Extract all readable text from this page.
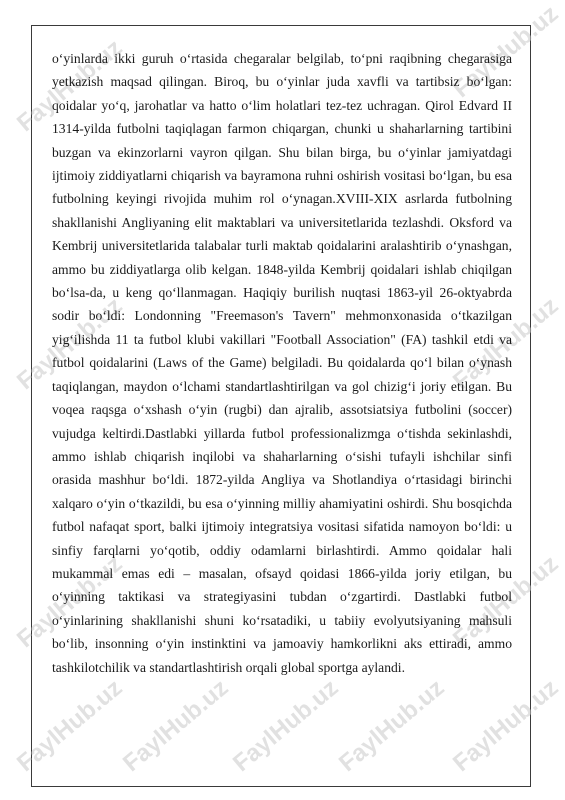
FaylHub.uz	FaylHub.uz
FaylHub.uz
FaylHub.uz
FaylHub.uz
FaylHub.uz
FaylHub.uz
FaylHub.uz
FaylHub.uz
FaylHub.uz
FaylHub.uz

o‘yinlarda ikki guruh o‘rtasida chegaralar belgilab, to‘pni raqibning chegarasiga yetkazish maqsad qilingan. Biroq, bu o‘yinlar juda xavfli va tartibsiz bo‘lgan: qoidalar yo‘q, jarohatlar va hatto o‘lim holatlari tez-tez uchragan. Qirol Edvard II 1314-yilda futbolni taqiqlagan farmon chiqargan, chunki u shaharlarning tartibini buzgan va ekinzorlarni vayron qilgan. Shu bilan birga, bu o‘yinlar jamiyatdagi ijtimoiy ziddiyatlarni chiqarish va bayramona ruhni oshirish vositasi bo‘lgan, bu esa futbolning keyingi rivojida muhim rol o‘ynagan.XVIII-XIX asrlarda futbolning shakllanishi Angliyaning elit maktablari va universitetlarida tezlashdi. Oksford va Kembrij universitetlarida talabalar turli maktab qoidalarini aralashtirib o‘ynashgan, ammo bu ziddiyatlarga olib kelgan. 1848-yilda Kembrij qoidalari ishlab chiqilgan bo‘lsa-da, u keng qo‘llanmagan. Haqiqiy burilish nuqtasi 1863-yil 26-oktyabrda sodir bo‘ldi: Londonning "Freemason's Tavern" mehmonxonasida o‘tkazilgan yig‘ilishda 11 ta futbol klubi vakillari "Football Association" (FA) tashkil etdi va futbol qoidalarini (Laws of the Game) belgiladi. Bu qoidalarda qo‘l bilan o‘ynash taqiqlangan, maydon o‘lchami standartlashtirilgan va gol chizig‘i joriy etilgan. Bu voqea raqsga o‘xshash o‘yin (rugbi) dan ajralib, assotsiatsiya futbolini (soccer) vujudga keltirdi.Dastlabki yillarda futbol professionalizmga o‘tishda sekinlashdi, ammo ishlab chiqarish inqilobi va shaharlarning o‘sishi tufayli ishchilar sinfi orasida mashhur bo‘ldi. 1872-yilda Angliya va Shotlandiya o‘rtasidagi birinchi xalqaro o‘yin o‘tkazildi, bu esa o‘yinning milliy ahamiyatini oshirdi. Shu bosqichda futbol nafaqat sport, balki ijtimoiy integratsiya vositasi sifatida namoyon bo‘ldi: u sinfiy farqlarni yo‘qotib, oddiy odamlarni birlashtirdi. Ammo qoidalar hali mukammal emas edi – masalan, ofsayd qoidasi 1866-yilda joriy etilgan, bu o‘yinning taktikasi va strategiyasini tubdan o‘zgartirdi. Dastlabki futbol o‘yinlarining shakllanishi shuni ko‘rsatadiki, u tabiiy evolyutsiyaning mahsuli bo‘lib, insonning o‘yin instinktini va jamoaviy hamkorlikni aks ettiradi, ammo tashkilotchilik va standartlashtirish orqali global sportga aylandi.
